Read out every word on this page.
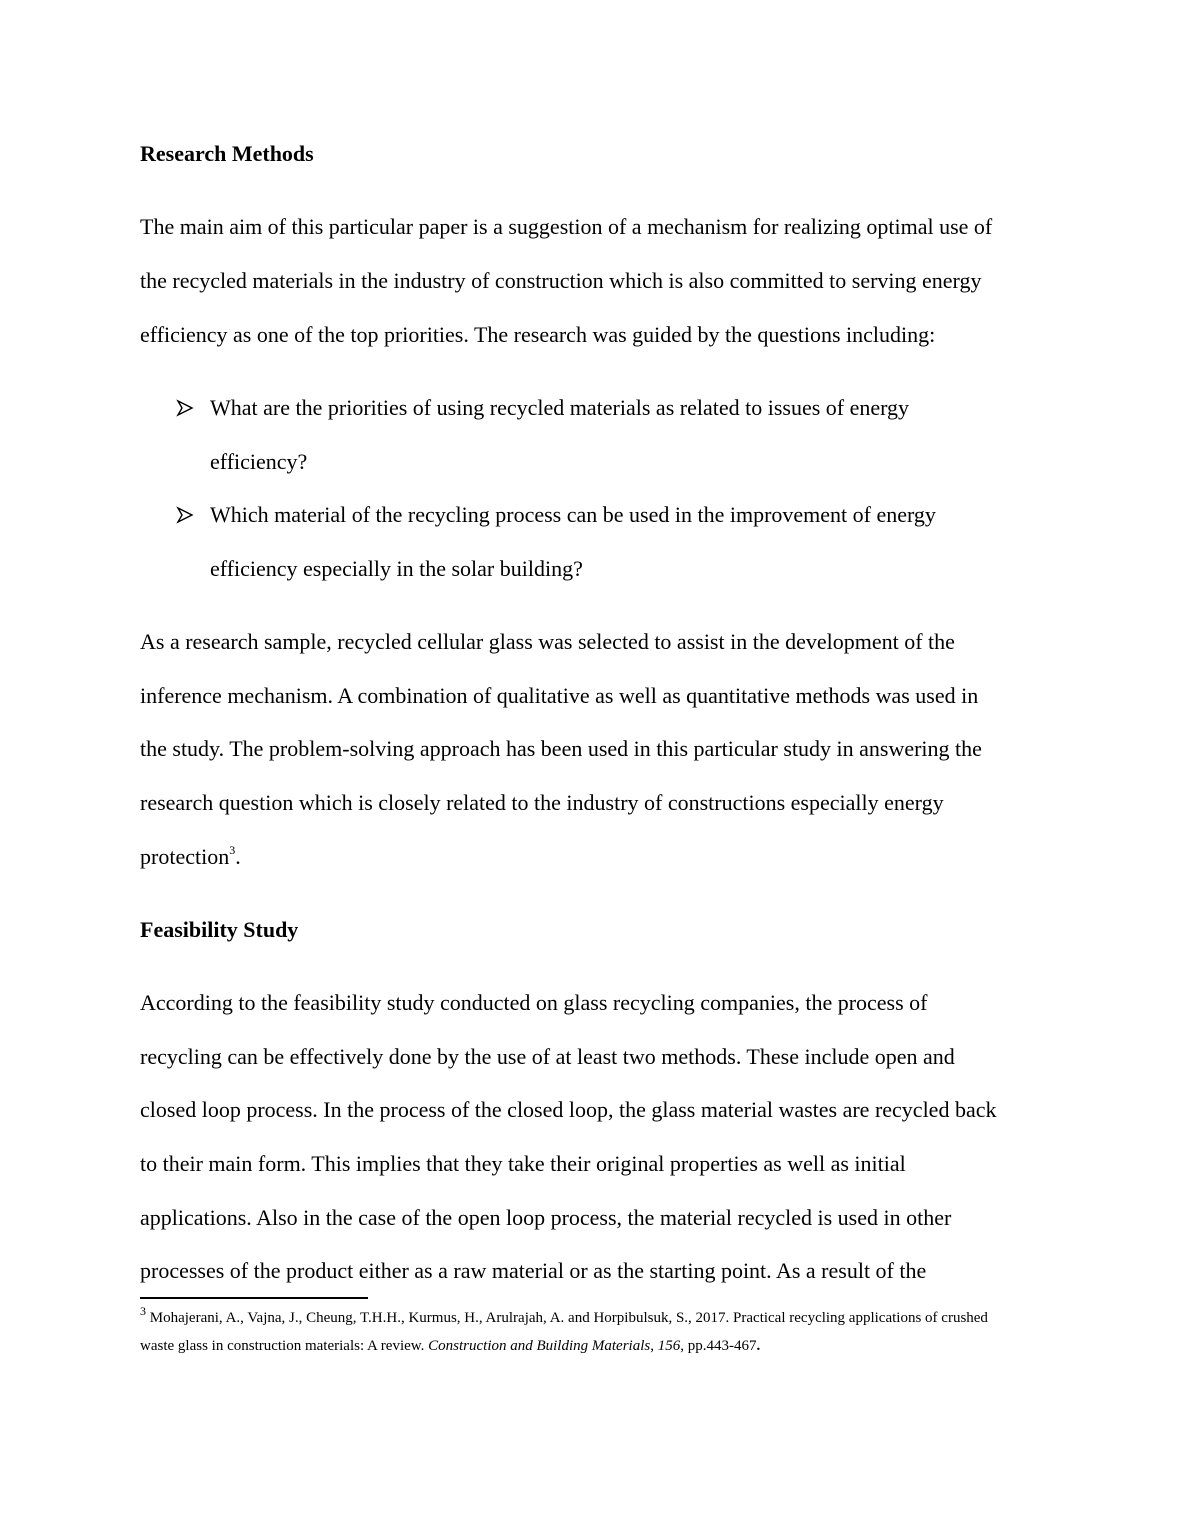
Research Methods
The main aim of this particular paper is a suggestion of a mechanism for realizing optimal use of
the recycled materials in the industry of construction which is also committed to serving energy
efficiency as one of the top priorities. The research was guided by the questions including:
What are the priorities of using recycled materials as related to issues of energy
efficiency?
Which material of the recycling process can be used in the improvement of energy
efficiency especially in the solar building?
As a research sample, recycled cellular glass was selected to assist in the development of the
inference mechanism. A combination of qualitative as well as quantitative methods was used in
the study. The problem-solving approach has been used in this particular study in answering the
research question which is closely related to the industry of constructions especially energy
protection$^3$.
Feasibility Study
According to the feasibility study conducted on glass recycling companies, the process of
recycling can be effectively done by the use of at least two methods. These include open and
closed loop process. In the process of the closed loop, the glass material wastes are recycled back
to their main form. This implies that they take their original properties as well as initial
applications. Also in the case of the open loop process, the material recycled is used in other
processes of the product either as a raw material or as the starting point. As a result of the
$^3$ Mohajerani, A., Vajna, J., Cheung, T.H.H., Kurmus, H., Arulrajah, A. and Horpibulsuk, S., 2017. Practical recycling applications of crushed
waste glass in construction materials: A review. Construction and Building Materials, 156, pp.443-467.
